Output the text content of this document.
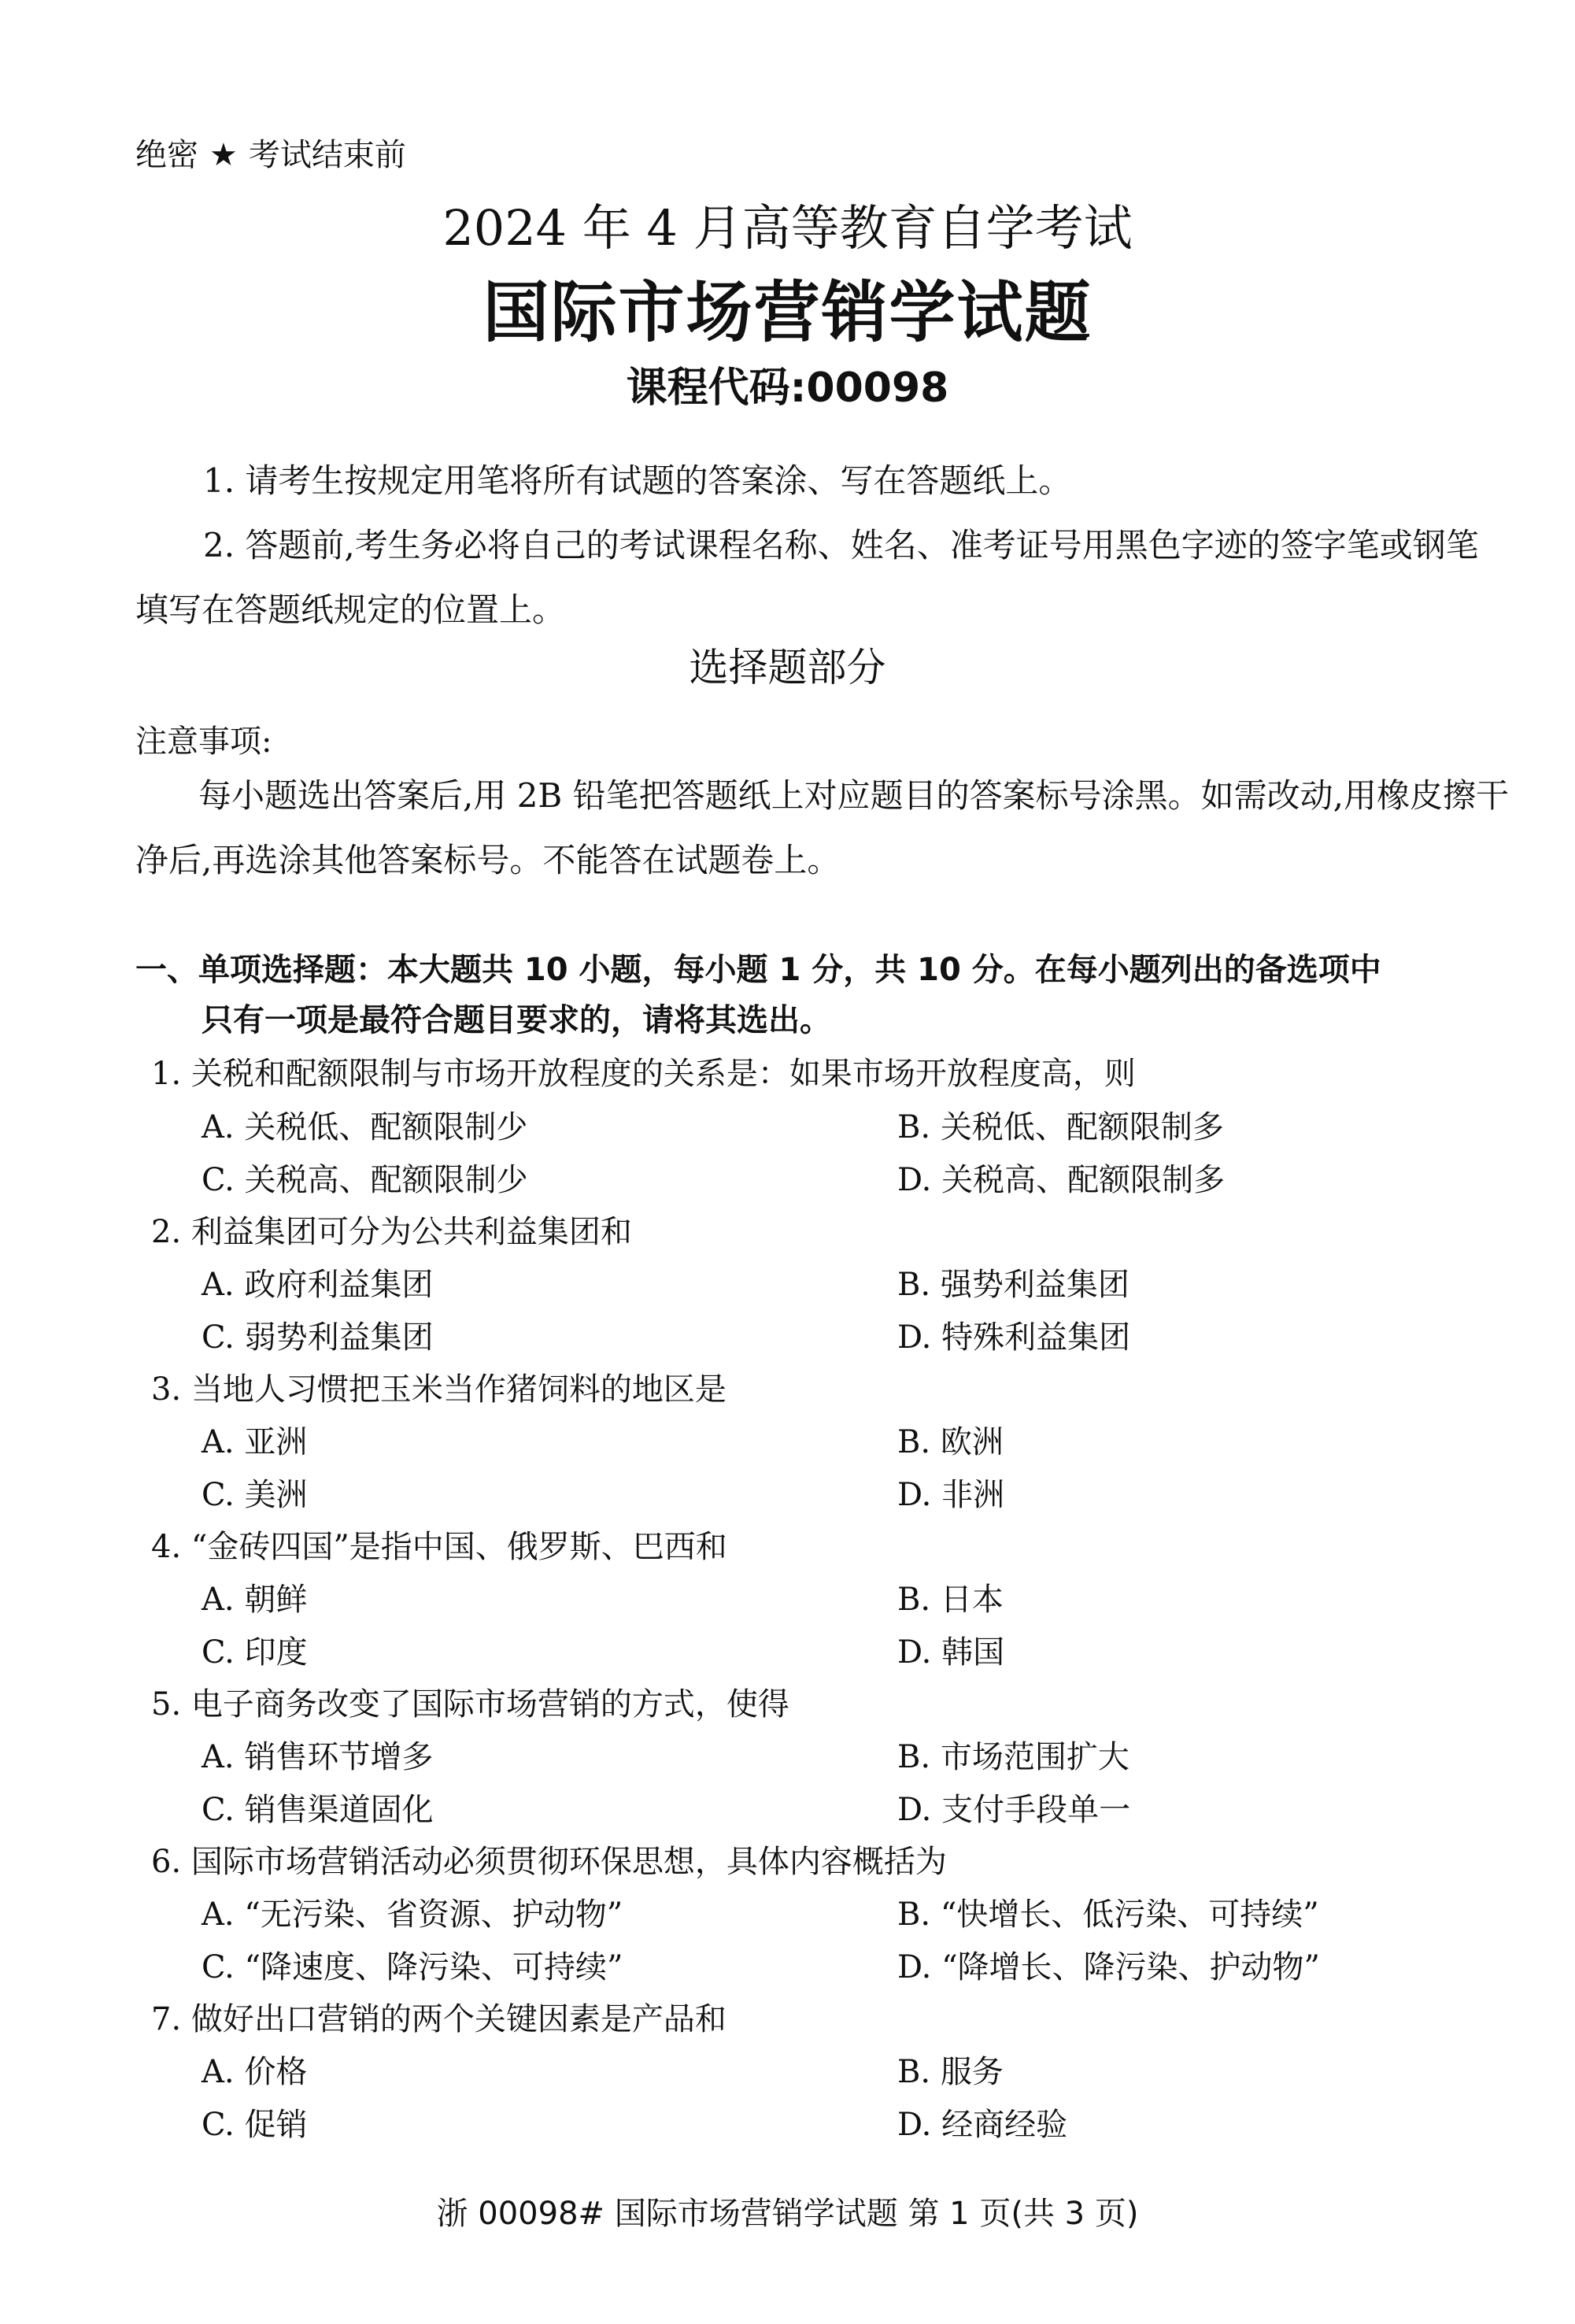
绝密 ★ 考试结束前
2024 年 4 月高等教育自学考试
国际市场营销学试题
课程代码:00098
1. 请考生按规定用笔将所有试题的答案涂、写在答题纸上。
2. 答题前,考生务必将自己的考试课程名称、姓名、准考证号用黑色字迹的签字笔或钢笔
填写在答题纸规定的位置上。
选择题部分
注意事项:
每小题选出答案后,用 2B 铅笔把答题纸上对应题目的答案标号涂黑。如需改动,用橡皮擦干净后,再选涂其他答案标号。不能答在试题卷上。
一、单项选择题：本大题共 10 小题，每小题 1 分，共 10 分。在每小题列出的备选项中
只有一项是最符合题目要求的，请将其选出。
1. 关税和配额限制与市场开放程度的关系是：如果市场开放程度高，则
A. 关税低、配额限制少	B. 关税低、配额限制多
C. 关税高、配额限制少	D. 关税高、配额限制多
2. 利益集团可分为公共利益集团和
A. 政府利益集团	B. 强势利益集团
C. 弱势利益集团	D. 特殊利益集团
3. 当地人习惯把玉米当作猪饲料的地区是
A. 亚洲	B. 欧洲
C. 美洲	D. 非洲
4. “金砖四国”是指中国、俄罗斯、巴西和
A. 朝鲜	B. 日本
C. 印度	D. 韩国
5. 电子商务改变了国际市场营销的方式，使得
A. 销售环节增多	B. 市场范围扩大
C. 销售渠道固化	D. 支付手段单一
6. 国际市场营销活动必须贯彻环保思想，具体内容概括为
A. “无污染、省资源、护动物”	B. “快增长、低污染、可持续”
C. “降速度、降污染、可持续”	D. “降增长、降污染、护动物”
7. 做好出口营销的两个关键因素是产品和
A. 价格	B. 服务
C. 促销	D. 经商经验
浙 00098# 国际市场营销学试题 第 1 页(共 3 页)
